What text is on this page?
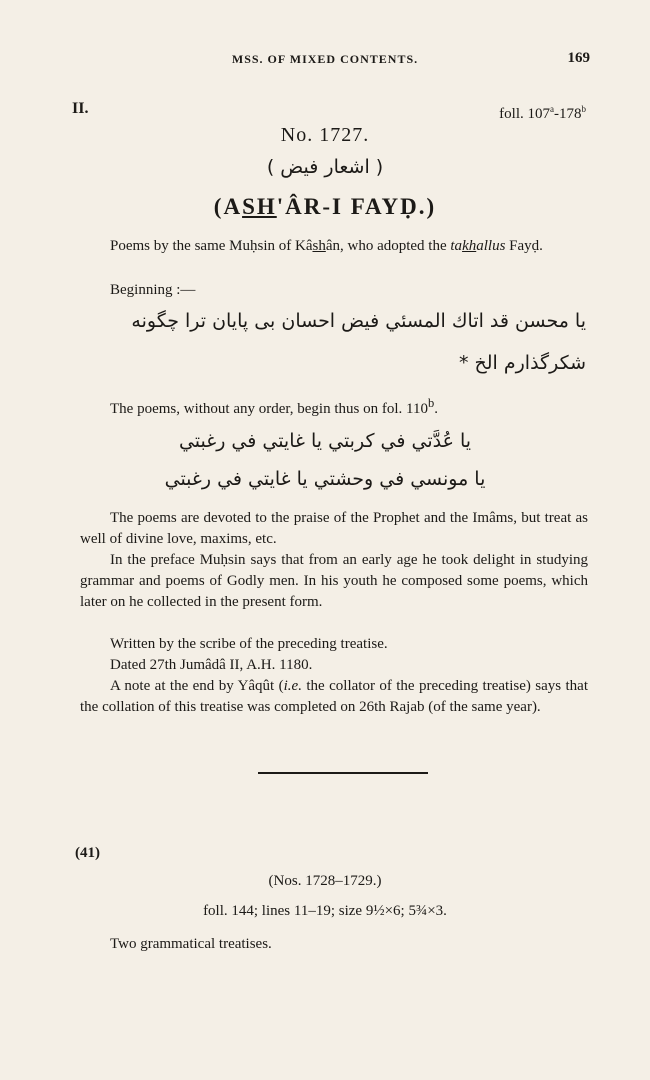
MSS. OF MIXED CONTENTS.	169
II.	foll. 107$^a$-178$^b$
No. 1727.
( اشعار فيض )
(ASH'ÂR-I FAYḌ.)
Poems by the same Muḥsin of Kâshân, who adopted the takhallus Fayḍ.
Beginning :—
يا محسن قد اتاك المسئي فيض احسان بى پايان ترا چگونه
شكرگذارم الخ *
The poems, without any order, begin thus on fol. 110$^b$.
يا عُدَّتي في كربتي يا غايتي في رغبتي
يا مونسي في وحشتي يا غايتي في رغبتي
The poems are devoted to the praise of the Prophet and the Imâms, but treat as well of divine love, maxims, etc.
In the preface Muḥsin says that from an early age he took delight in studying grammar and poems of Godly men. In his youth he composed some poems, which later on he collected in the present form.
Written by the scribe of the preceding treatise.
Dated 27th Jumâdâ II, A.H. 1180.
A note at the end by Yâqût (i.e. the collator of the preceding treatise) says that the collation of this treatise was completed on 26th Rajab (of the same year).
(41)
(Nos. 1728–1729.)
foll. 144; lines 11–19; size 9½×6; 5¾×3.
Two grammatical treatises.
